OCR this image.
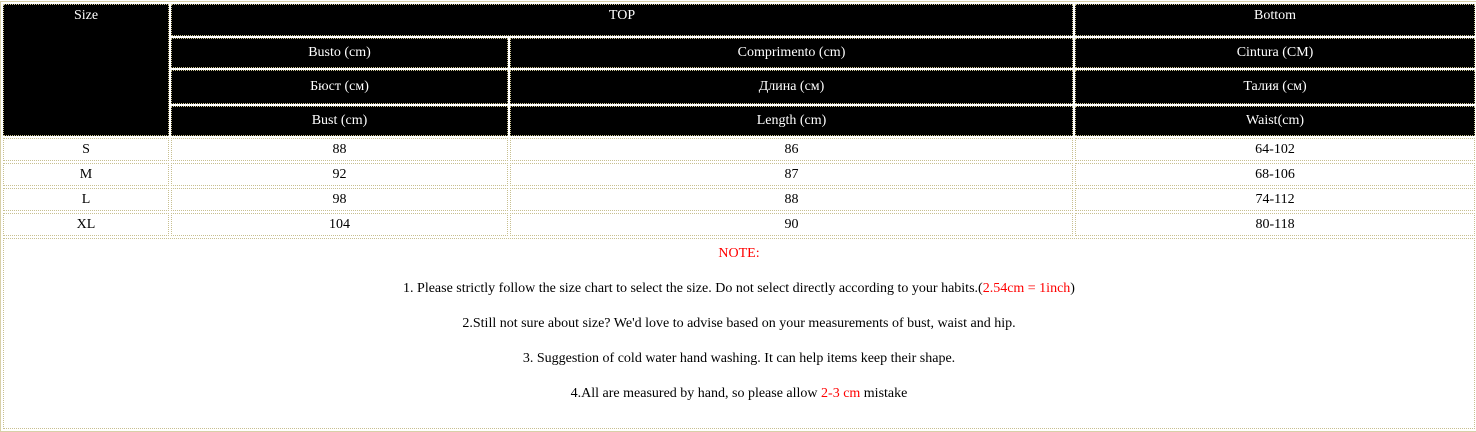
Size	TOP		Bottom
	Busto (cm)	Comprimento (cm)	Cintura (CM)
	Бюст (см)	Длина (см)	Талия (см)
	Bust (cm)	Length (cm)	Waist(cm)
S	88	86	64-102
M	92	87	68-106
L	98	88	74-112
XL	104	90	80-118

NOTE:
1. Please strictly follow the size chart to select the size. Do not select directly according to your habits.(2.54cm = 1inch)
2.Still not sure about size? We'd love to advise based on your measurements of bust, waist and hip.
3. Suggestion of cold water hand washing. It can help items keep their shape.
4.All are measured by hand, so please allow 2-3 cm mistake			
